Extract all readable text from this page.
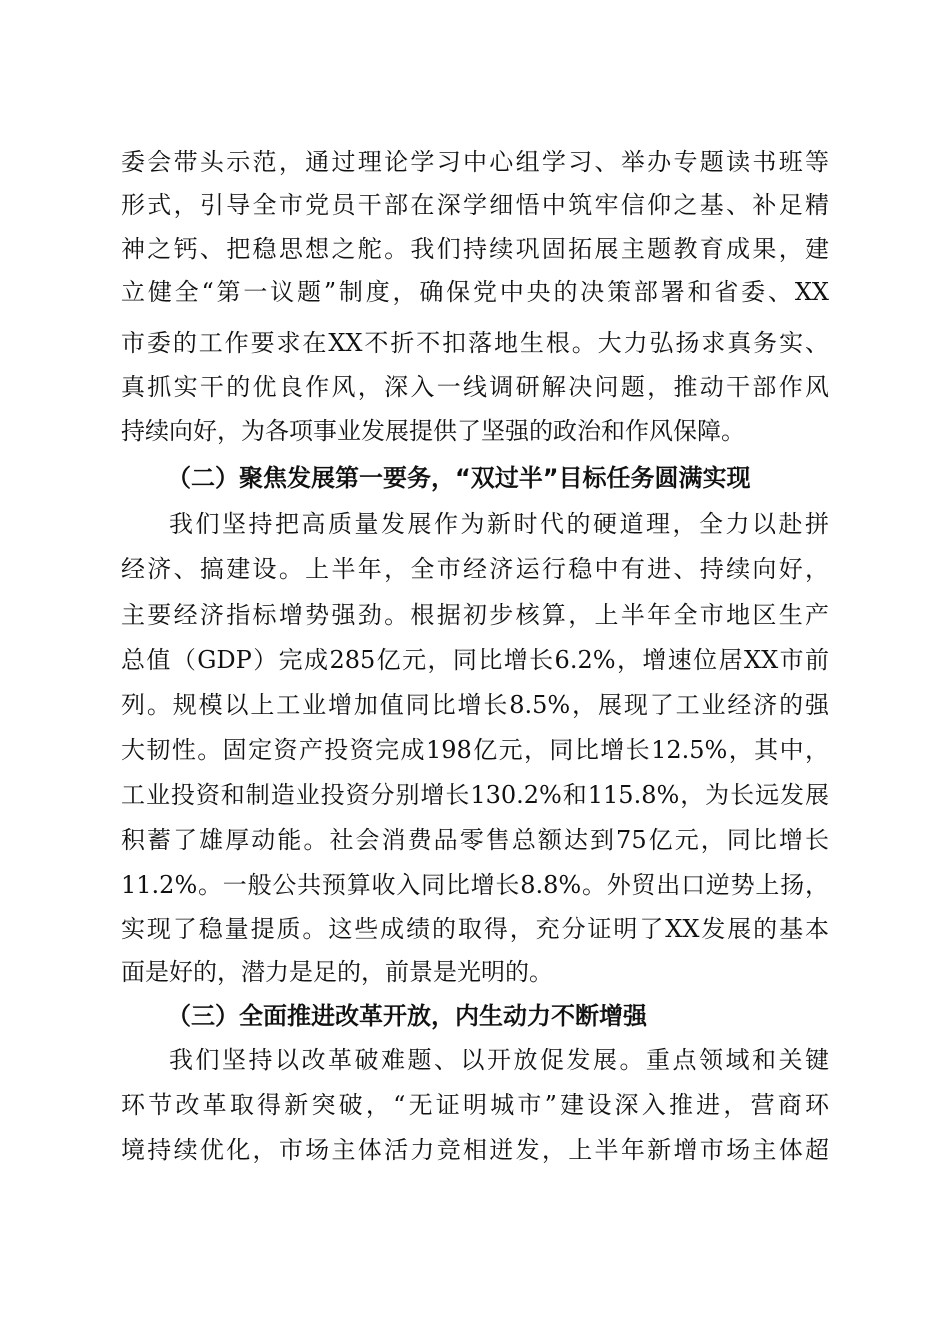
委会带头示范，通过理论学习中心组学习、举办专题读书班等
形式，引导全市党员干部在深学细悟中筑牢信仰之基、补足精
神之钙、把稳思想之舵。我们持续巩固拓展主题教育成果，建
立健全“第一议题”制度，确保党中央的决策部署和省委、XX
市委的工作要求在XX不折不扣落地生根。大力弘扬求真务实、
真抓实干的优良作风，深入一线调研解决问题，推动干部作风
持续向好，为各项事业发展提供了坚强的政治和作风保障。
（二）聚焦发展第一要务，“双过半”目标任务圆满实现
我们坚持把高质量发展作为新时代的硬道理，全力以赴拼
经济、搞建设。上半年，全市经济运行稳中有进、持续向好，
主要经济指标增势强劲。根据初步核算，上半年全市地区生产
总值（GDP）完成285亿元，同比增长6.2%，增速位居XX市前
列。规模以上工业增加值同比增长8.5%，展现了工业经济的强
大韧性。固定资产投资完成198亿元，同比增长12.5%，其中，
工业投资和制造业投资分别增长130.2%和115.8%，为长远发展
积蓄了雄厚动能。社会消费品零售总额达到75亿元，同比增长
11.2%。一般公共预算收入同比增长8.8%。外贸出口逆势上扬，
实现了稳量提质。这些成绩的取得，充分证明了XX发展的基本
面是好的，潜力是足的，前景是光明的。
（三）全面推进改革开放，内生动力不断增强
我们坚持以改革破难题、以开放促发展。重点领域和关键
环节改革取得新突破，“无证明城市”建设深入推进，营商环
境持续优化，市场主体活力竞相迸发，上半年新增市场主体超
